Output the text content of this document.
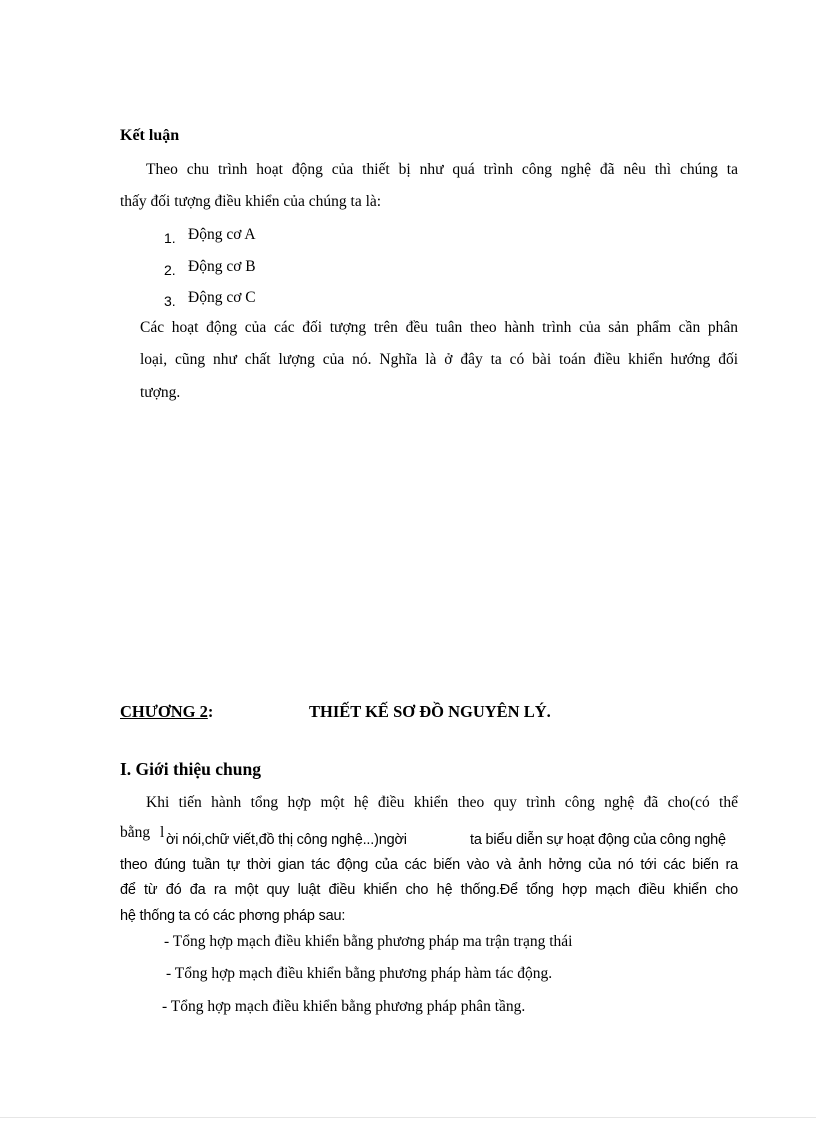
Kết luận
Theo chu trình hoạt động của thiết bị như quá trình công nghệ đã nêu thì chúng ta
thấy đối tượng điều khiển của chúng ta là:
1. Động cơ A
2. Động cơ B
3. Động cơ C
Các hoạt động của các đối tượng trên đều tuân theo hành trình của sản phẩm cần phân
loại, cũng như chất lượng của nó. Nghĩa là ở đây ta có bài toán điều khiển hướng đối
tượng.
CHƯƠNG 2:	THIẾT KẾ SƠ ĐỒ NGUYÊN LÝ.
I. Giới thiệu chung
Khi tiến hành tổng hợp một hệ điều khiển theo quy trình công nghệ đã cho(có thể
bằng l ời nói,chữ viết,đồ thị công nghệ...)ngời	ta biểu diễn sự hoạt động của công nghệ
theo đúng tuần tự thời gian tác động của các biến vào và ảnh hởng của nó tới các biến ra
để từ đó đa ra một quy luật điều khiển cho hệ thống.Để tổng hợp mạch điều khiển cho
hệ thống ta có các phơng pháp sau:
- Tổng hợp mạch điều khiển bằng phương pháp ma trận trạng thái
- Tổng hợp mạch điều khiển bằng phương pháp hàm tác động.
- Tổng hợp mạch điều khiển bằng phương pháp phân tầng.
